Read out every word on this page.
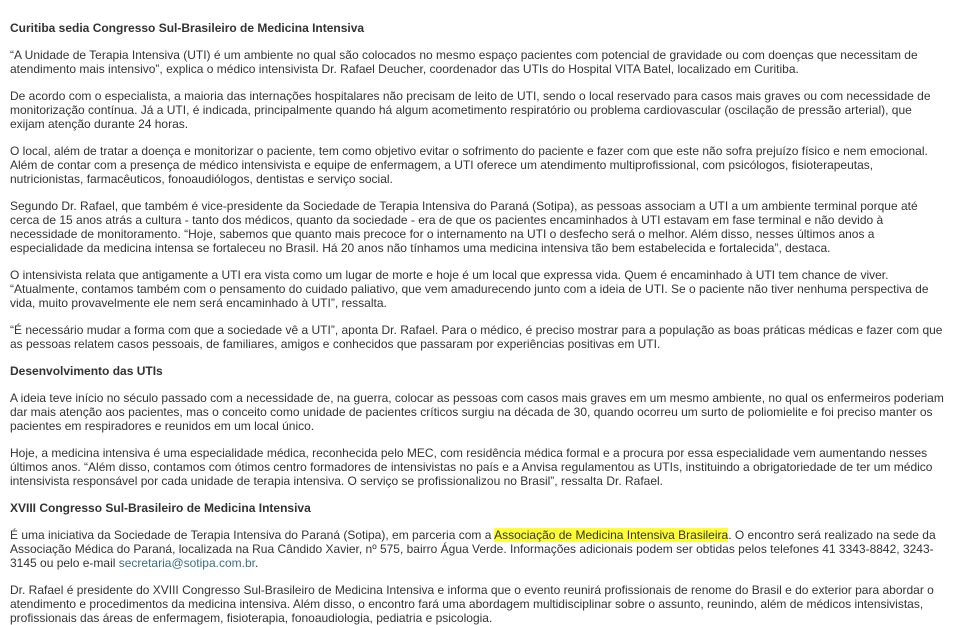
Curitiba sedia Congresso Sul-Brasileiro de Medicina Intensiva

“A Unidade de Terapia Intensiva (UTI) é um ambiente no qual são colocados no mesmo espaço pacientes com potencial de gravidade ou com doenças que necessitam de atendimento mais intensivo”, explica o médico intensivista Dr. Rafael Deucher, coordenador das UTIs do Hospital VITA Batel, localizado em Curitiba.

De acordo com o especialista, a maioria das internações hospitalares não precisam de leito de UTI, sendo o local reservado para casos mais graves ou com necessidade de monitorização contínua. Já a UTI, é indicada, principalmente quando há algum acometimento respiratório ou problema cardiovascular (oscilação de pressão arterial), que exijam atenção durante 24 horas.

O local, além de tratar a doença e monitorizar o paciente, tem como objetivo evitar o sofrimento do paciente e fazer com que este não sofra prejuízo físico e nem emocional. Além de contar com a presença de médico intensivista e equipe de enfermagem, a UTI oferece um atendimento multiprofissional, com psicólogos, fisioterapeutas, nutricionistas, farmacêuticos, fonoaudiólogos, dentistas e serviço social.

Segundo Dr. Rafael, que também é vice-presidente da Sociedade de Terapia Intensiva do Paraná (Sotipa), as pessoas associam a UTI a um ambiente terminal porque até cerca de 15 anos atrás a cultura - tanto dos médicos, quanto da sociedade - era de que os pacientes encaminhados à UTI estavam em fase terminal e não devido à necessidade de monitoramento. “Hoje, sabemos que quanto mais precoce for o internamento na UTI o desfecho será o melhor. Além disso, nesses últimos anos a especialidade da medicina intensa se fortaleceu no Brasil. Há 20 anos não tínhamos uma medicina intensiva tão bem estabelecida e fortalecida”, destaca.

O intensivista relata que antigamente a UTI era vista como um lugar de morte e hoje é um local que expressa vida. Quem é encaminhado à UTI tem chance de viver. “Atualmente, contamos também com o pensamento do cuidado paliativo, que vem amadurecendo junto com a ideia de UTI. Se o paciente não tiver nenhuma perspectiva de vida, muito provavelmente ele nem será encaminhado à UTI”, ressalta.

“É necessário mudar a forma com que a sociedade vê a UTI”, aponta Dr. Rafael. Para o médico, é preciso mostrar para a população as boas práticas médicas e fazer com que as pessoas relatem casos pessoais, de familiares, amigos e conhecidos que passaram por experiências positivas em UTI.

Desenvolvimento das UTIs

A ideia teve início no século passado com a necessidade de, na guerra, colocar as pessoas com casos mais graves em um mesmo ambiente, no qual os enfermeiros poderiam dar mais atenção aos pacientes, mas o conceito como unidade de pacientes críticos surgiu na década de 30, quando ocorreu um surto de poliomielite e foi preciso manter os pacientes em respiradores e reunidos em um local único.

Hoje, a medicina intensiva é uma especialidade médica, reconhecida pelo MEC, com residência médica formal e a procura por essa especialidade vem aumentando nesses últimos anos. “Além disso, contamos com ótimos centro formadores de intensivistas no país e a Anvisa regulamentou as UTIs, instituindo a obrigatoriedade de ter um médico intensivista responsável por cada unidade de terapia intensiva. O serviço se profissionalizou no Brasil”, ressalta Dr. Rafael.

XVIII Congresso Sul-Brasileiro de Medicina Intensiva

É uma iniciativa da Sociedade de Terapia Intensiva do Paraná (Sotipa), em parceria com a Associação de Medicina Intensiva Brasileira. O encontro será realizado na sede da Associação Médica do Paraná, localizada na Rua Cândido Xavier, nº 575, bairro Água Verde. Informações adicionais podem ser obtidas pelos telefones 41 3343-8842, 3243-3145 ou pelo e-mail secretaria@sotipa.com.br.

Dr. Rafael é presidente do XVIII Congresso Sul-Brasileiro de Medicina Intensiva e informa que o evento reunirá profissionais de renome do Brasil e do exterior para abordar o atendimento e procedimentos da medicina intensiva. Além disso, o encontro fará uma abordagem multidisciplinar sobre o assunto, reunindo, além de médicos intensivistas, profissionais das áreas de enfermagem, fisioterapia, fonoaudiologia, pediatria e psicologia.
